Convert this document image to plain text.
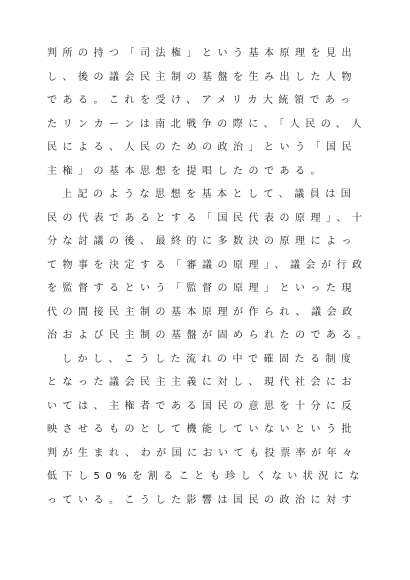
判所の持つ「司法権」という基本原理を見出
し、後の議会民主制の基盤を生み出した人物
である。これを受け、アメリカ大統領であっ
たリンカーンは南北戦争の際に、「人民の、人
民による、人民のための政治」という「国民
主権」の基本思想を提唱したのである。
上記のような思想を基本として、議員は国
民の代表であるとする「国民代表の原理」、十
分な討議の後、最終的に多数決の原理によっ
て物事を決定する「審議の原理」、議会が行政
を監督するという「監督の原理」といった現
代の間接民主制の基本原理が作られ、議会政
治および民主制の基盤が固められたのである。
しかし、こうした流れの中で確固たる制度
となった議会民主主義に対し、現代社会にお
いては、主権者である国民の意思を十分に反
映させるものとして機能していないという批
判が生まれ、わが国においても投票率が年々
低下し50%を割ることも珍しくない状況にな
っている。こうした影響は国民の政治に対す
